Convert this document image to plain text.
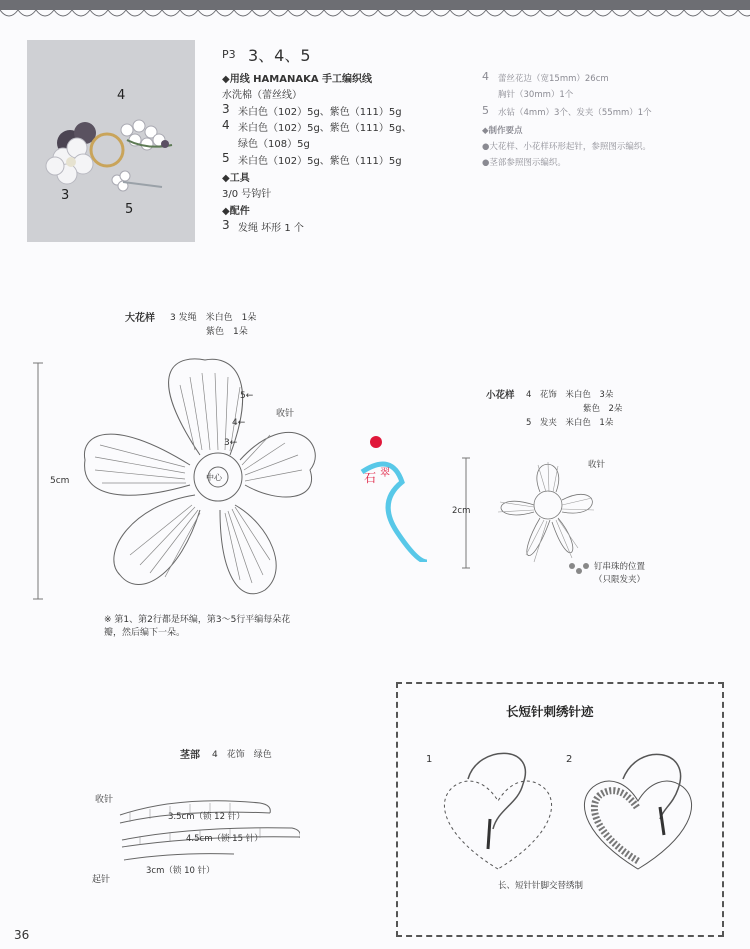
4
3
5
P3 3、4、5
◆用线 HAMANAKA 手工编织线
水洗棉（蕾丝线）
3 米白色（102）5g、紫色（111）5g
4 米白色（102）5g、紫色（111）5g、
绿色（108）5g
5 米白色（102）5g、紫色（111）5g
◆工具
3/0 号钩针
◆配件
3 发绳 坏形 1 个
4 蕾丝花边（宽15mm）26cm
胸针（30mm）1个
5 水钻（4mm）3个、发夹（55mm）1个
◆制作要点
●大花样、小花样环形起针，参照图示编织。
●茎部参照图示编织。
大花样 3 发绳　米白色　1朵
紫色　1朵
5cm
5←
4←
3←
收针
中心
※ 第1、第2行都是环编，第3～5行平编每朵花瓣，然后编下一朵。
石 翠
小花样 4　花饰　米白色　3朵
紫色　2朵
5　发夹　米白色　1朵
2cm
收针
钉串珠的位置
（只限发夹）
茎部 4　花饰　绿色
收针
起针
3.5cm（锁 12 针）
4.5cm（锁 15 针）
3cm（锁 10 针）
长短针刺绣针迹
1	2
长、短针针脚交替绣制
36
